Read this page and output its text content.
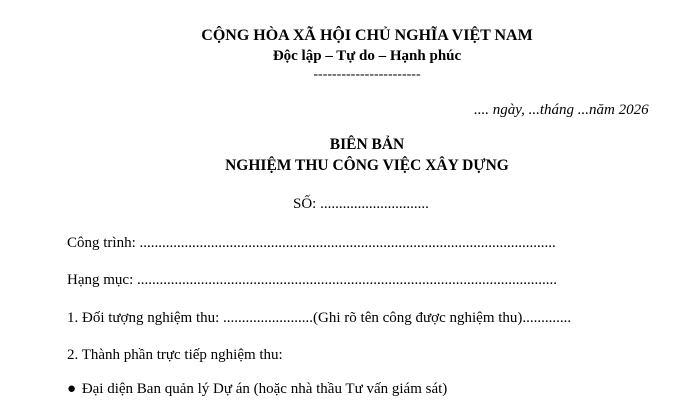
CỘNG HÒA XÃ HỘI CHỦ NGHĨA VIỆT NAM
Độc lập – Tự do – Hạnh phúc
-----------------------
.... ngày, ...tháng ...năm 2026
BIÊN BẢN
NGHIỆM THU CÔNG VIỆC XÂY DỰNG
SỐ: .............................
Công trình: ...............................................................................................................
Hạng mục: ................................................................................................................
1. Đối tượng nghiệm thu: ........................(Ghi rõ tên công được nghiệm thu).............
2. Thành phần trực tiếp nghiệm thu:
● Đại diện Ban quản lý Dự án (hoặc nhà thầu Tư vấn giám sát)
